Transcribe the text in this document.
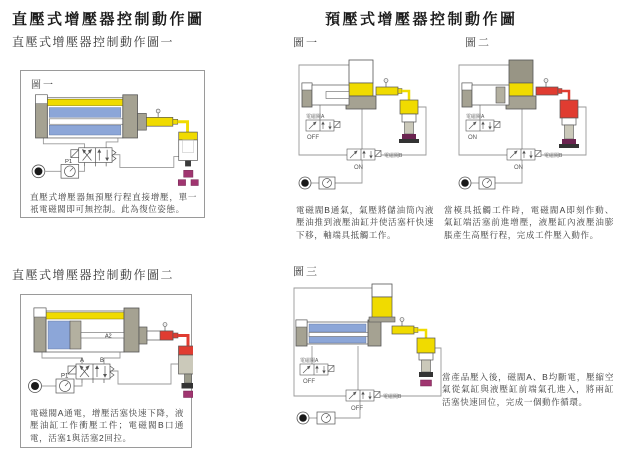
直壓式增壓器控制動作圖
直壓式增壓器控制動作圖一
圖一
P1
直壓式增壓器無預壓行程直接增壓，單一衹電磁閥即可無控制。此為復位姿態。
直壓式增壓器控制動作圖二
A2
A	B
P1
電磁閥A通電，增壓活塞快速下降，液壓油缸工作衝壓工件；電磁閥B口通電，活塞1與活塞2回拉。
預壓式增壓器控制動作圖
圖一	圖二
電磁閥A
OFF
電磁閥B
ON
電磁閥B通氣，氣壓將儲油筒內液壓油推到液壓油缸并使活塞杆快速下移，軸端具抵觸工作。
電磁閥A
ON
電磁閥B
ON
當模具抵觸工件時，電磁閥A即刻作動、氣缸端活塞前進增壓，液壓缸內液壓油膨脹產生高壓行程，完成工件壓入動作。
圖三
電磁閥A
OFF
電磁閥B
OFF
當產品壓入後，磁閥A、B均斷電，壓縮空氣從氣缸與液壓缸前端氣孔進入，將兩缸活塞快速回位，完成一個動作循環。
